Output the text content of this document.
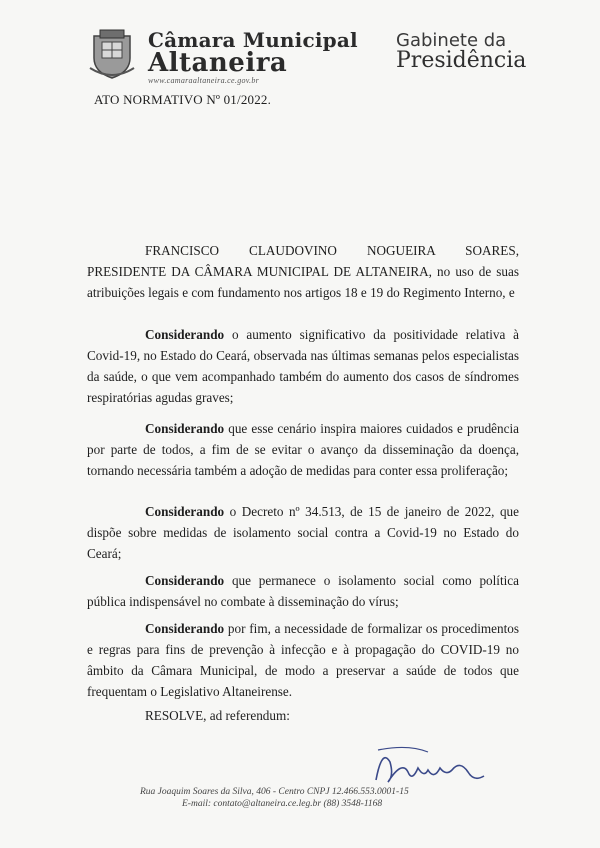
Câmara Municipal
Altaneira
www.camaraaltaneira.ce.gov.br
Gabinete da
Presidência
ATO NORMATIVO Nº 01/2022.
FRANCISCO CLAUDOVINO NOGUEIRA SOARES, PRESIDENTE DA CÂMARA MUNICIPAL DE ALTANEIRA, no uso de suas atribuições legais e com fundamento nos artigos 18 e 19 do Regimento Interno, e
Considerando o aumento significativo da positividade relativa à Covid-19, no Estado do Ceará, observada nas últimas semanas pelos especialistas da saúde, o que vem acompanhado também do aumento dos casos de síndromes respiratórias agudas graves;
Considerando que esse cenário inspira maiores cuidados e prudência por parte de todos, a fim de se evitar o avanço da disseminação da doença, tornando necessária também a adoção de medidas para conter essa proliferação;
Considerando o Decreto nº 34.513, de 15 de janeiro de 2022, que dispõe sobre medidas de isolamento social contra a Covid-19 no Estado do Ceará;
Considerando que permanece o isolamento social como política pública indispensável no combate à disseminação do vírus;
Considerando por fim, a necessidade de formalizar os procedimentos e regras para fins de prevenção à infecção e à propagação do COVID-19 no âmbito da Câmara Municipal, de modo a preservar a saúde de todos que frequentam o Legislativo Altaneirense.
RESOLVE, ad referendum:
Rua Joaquim Soares da Silva, 406 - Centro CNPJ 12.466.553.0001-15
E-mail: contato@altaneira.ce.leg.br (88) 3548-1168
